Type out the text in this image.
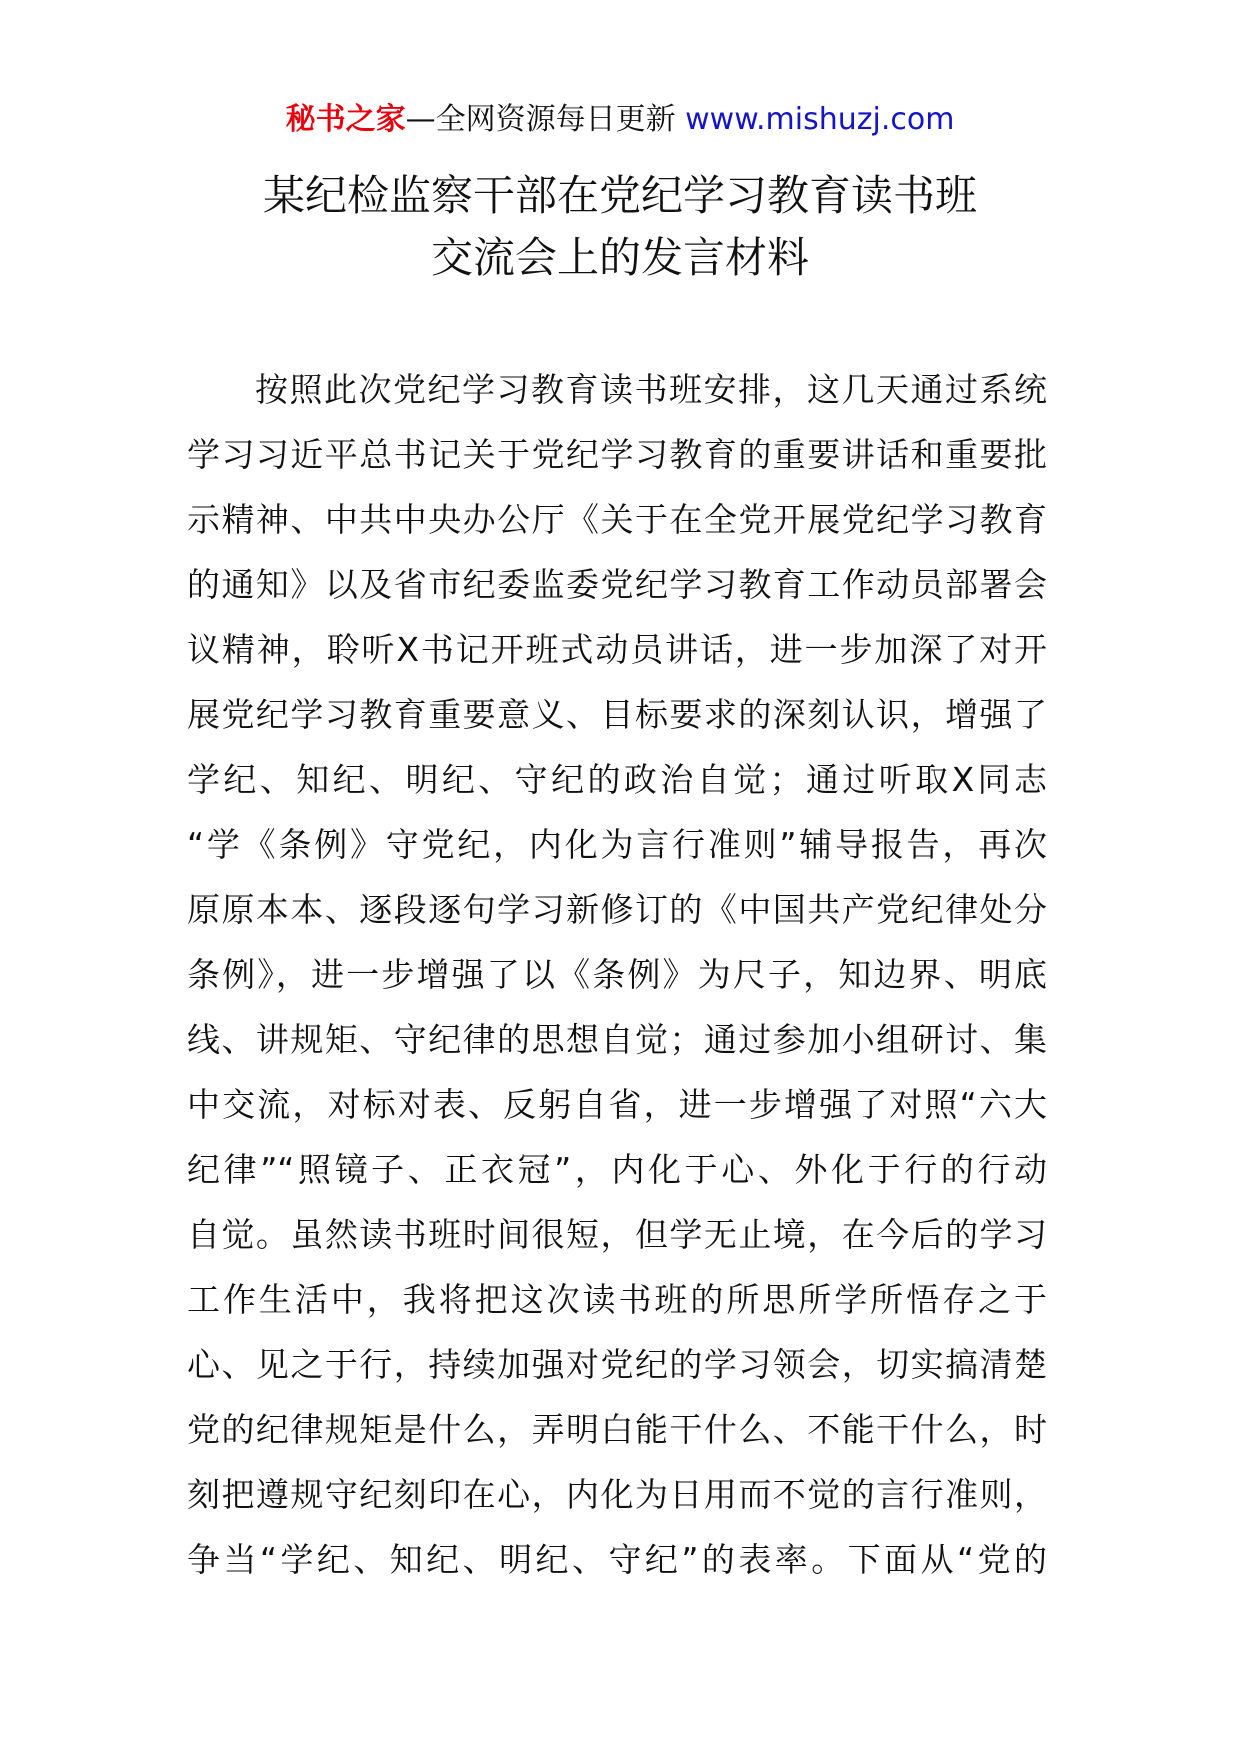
秘书之家—全网资源每日更新 www.mishuzj.com
某纪检监察干部在党纪学习教育读书班
交流会上的发言材料
按照此次党纪学习教育读书班安排，这几天通过系统
学习习近平总书记关于党纪学习教育的重要讲话和重要批
示精神、中共中央办公厅《关于在全党开展党纪学习教育
的通知》以及省市纪委监委党纪学习教育工作动员部署会
议精神，聆听X书记开班式动员讲话，进一步加深了对开
展党纪学习教育重要意义、目标要求的深刻认识，增强了
学纪、知纪、明纪、守纪的政治自觉；通过听取X同志
“学《条例》守党纪，内化为言行准则”辅导报告，再次
原原本本、逐段逐句学习新修订的《中国共产党纪律处分
条例》，进一步增强了以《条例》为尺子，知边界、明底
线、讲规矩、守纪律的思想自觉；通过参加小组研讨、集
中交流，对标对表、反躬自省，进一步增强了对照“六大
纪律”“照镜子、正衣冠”，内化于心、外化于行的行动
自觉。虽然读书班时间很短，但学无止境，在今后的学习
工作生活中，我将把这次读书班的所思所学所悟存之于
心、见之于行，持续加强对党纪的学习领会，切实搞清楚
党的纪律规矩是什么，弄明白能干什么、不能干什么，时
刻把遵规守纪刻印在心，内化为日用而不觉的言行准则，
争当“学纪、知纪、明纪、守纪”的表率。下面从“党的
